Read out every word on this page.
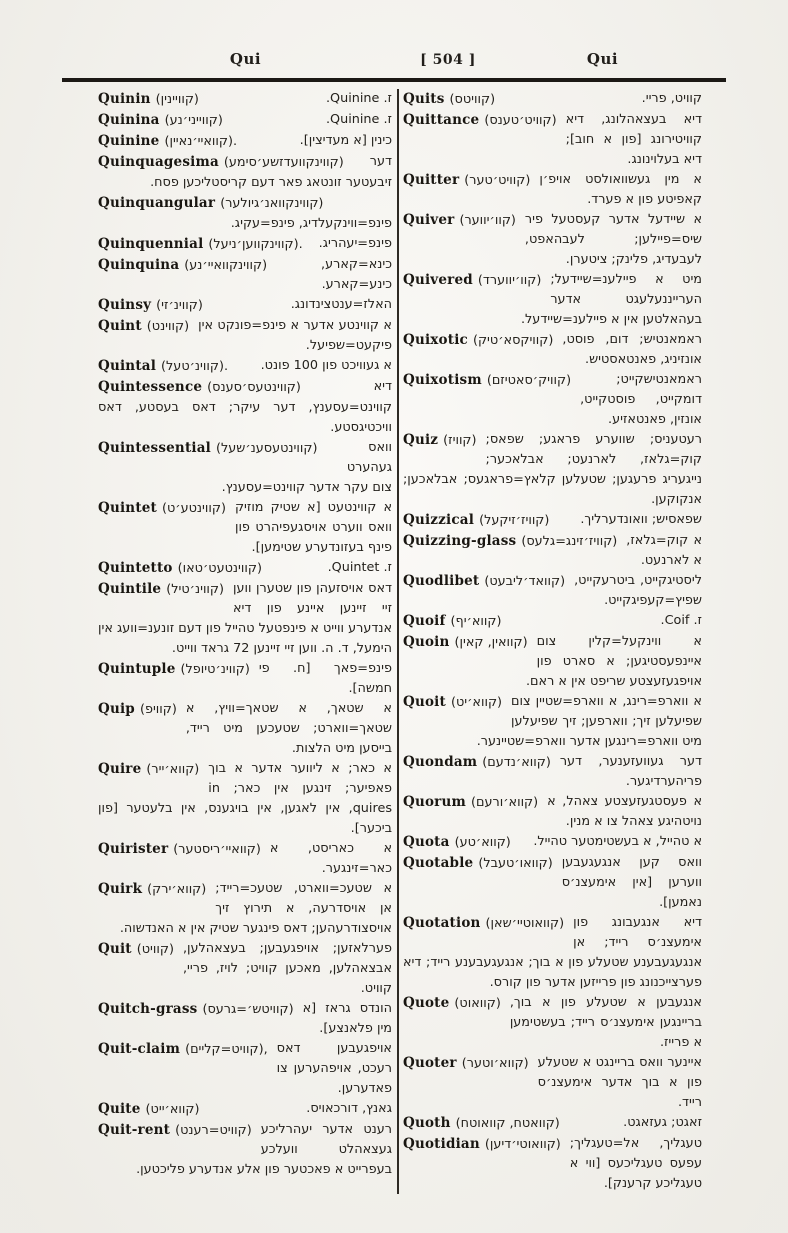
Qui	[ 504 ]	Qui
Quinin (קוויינין)	ז. Quinine.
Quinina (קווייני׳נע)	ז. Quinine.
Quinine (קוואיי׳נאיין).	כינין [א מעדיצין].
Quinquagesima (קווינקוועדזשע׳סימע) דער זיבעטער זונטאג פאר דעם קריסטליכען פסח.
Quinquangular (קווינקוואנ׳גיולער)
פינפ=ווינקעלדיג, פינפ=עקיג.
Quinquennial (קווינקווען׳ניעל). פינפ=יעהריג.
Quinquina (קווינקוואיי׳נע)	כינא=קארע, כינע=קארע.
Quinsy (קווינ׳זי)	האלז=ענטצינדונג.
Quint (קווינט) א קווינטע אדער א פינפ=פונקט אין פיקעט=שפיעל.
Quintal (קווינ׳טעל).	א געוויכט פון 100 פונט.
Quintessence (קווינטעס׳סענס)	דיא קווינט=עסענץ, דער עיקר; דאס בעסטע, דאס וויכטיגסטע.
Quintessential (קווינטעסענ׳שעל)	וואס געהערט צום עקר אדער קווינט=עסענץ.
Quintet (קווינטע׳ט) א קווינטעט [א שטיק מוזיק וואס ווערט אויסגעפיהרט פון פינף בעזונדערע שטימען].
Quintetto (קווינטעט׳טאו)	ז. Quintet.
Quintile (קווינ׳טיל) דאס אויסזעהן פון שטערן ווען זיי זיינען איינע פון דיא אנדערע ווייט א פינפטעל טהייל פון דעם זונענ=וועג אין הימעל, ד. ה. ווען זיי זיינען 72 גראד ווייט.
Quintuple (קווינ׳טיופל) פינפ=פאך [ח. פי חמשה].
Quip (קוויפ) א שטאך, א שטאך=וויץ, א שטאך=ווארט; שטעכען מיט רייד, בייסען מיט הלצות.
Quire (קווא׳ייר) א כאר; א ליווער אדער א בוך פאפיער; זינגען אין כאר; in quires, אין לאגען, אין בויגענס, אין בלעטער [פון ביכער].
Quirister (קוואיי׳ריסטער) א כאריסט, א כאר=זינגער.
Quirk (קווא׳ירק) א שטעכ=ווארט, שטעכ=רייד; אן אויסדרעה, א תירוץ זיך אויסצודרעהען; דאס פינגער שטיק אין א האנדשוה.
Quit (קוויט) פערלאזען; אויפגעבען; בעצאהלען, אבצאהלען, מאכען קוויט; לויז, פריי, קוויט.
Quitch-grass (קוויטש׳=גרעס) הונדס גראז [א מין פלאנצע].
Quit-claim (קוויט=קליים), אויפגעבען דאס רעכט, אויפהערען צו פאדערען.
Quite (קווא׳ייט)	גאנץ, דורכאויס.
Quit-rent (קוויט=רענט) רענט אדער יעהרליכע געצאהלט וועלכע בעפרייט א פאכטער פון אלע אנדערע פליכטען.
Quits (קוויטס)	קוויט, פריי.
Quittance (קוויט׳טענס) דיא בעצאהלונג, דיא קוויטירונג [פון א חוב]; דיא בעלוינונג.
Quitter (קוויט׳טער) א מין געשוואולסט אויפ׳ן קאפיטע פון א פערד.
Quiver (קוו׳יווער) א שיידעל אדער קעסטעל פיר שיס=פיילען; לעבהאפט, לעבעדיג, פלינק; ציטערן.
Quivered (קוו׳יווערד) מיט א פיילענ=שיידעל; הערייננעלעגט אדער בעהאלטען אין א פיילענ=שיידעל.
Quixotic (קוויקסא׳טיק) ראמאנטיש; דום, פוסט, אונזיניג, פאנטאסטיש.
Quixotism (קוויק׳סאטיזם)	ראמאנטישקייט; דומקייט, פוסטקייט, אונזין, פאנטאזיע.
Quiz (קוויז) רעטעניס; שווערע פראגע; שפאס; קוק=גלאז, לארנעט; אבלאכער; נייגעריג פרעגען; שטעלען קלאץ=פראגעס; אבלאכען; אנקוקען.
Quizzical (קוויז׳זיקעל) שפאסיש; וואונדערליך.
Quizzing-glass (קוויז׳זינג=גלעס) א קוק=גלאז, א לארנעט.
Quodlibet (קוואד׳ליבעט) ליסטיגקייט, ביטרעקייט, שפיץ=קעפיגקייט.
Quoif (קווא׳יף)	ז. Coif.
Quoin (קוואין, קאין) א ווינקעל=קלין צום איינפעסטיגען; א סארט פון אויפגעזעצטע שריפט אין א ראם.
Quoit (קווא׳יט) א ווארפ=רינג, א ווארפ=שטיין צום שפיעלען זיך; ווארפען; זיך שפיעלען מיט ווארפ=רינגען אדער ווארפ=שטיינער.
Quondam (קווא׳נדעם) דער געוועזענער, דער פריהערדיגער.
Quorum (קווא׳ורעם) א פעסטגעזעצטע צאהל, א נויטהיגע צאהל צו א מנין.
Quota (קווא׳טע) א טהייל, א בעשטימטער טהייל.
Quotable (קוואו׳טעבל) וואס קען אנגעגעבען ווערען [אין אימעצנ׳ס נאמען].
Quotation (קוואוטיי׳שאן) דיא אנגעבונג פון אימעצנ׳ס רייד; אן אנגעגעבענע שטעלע פון א בוך; אנגעגעבענע רייד; דיא פערצייכנונג פון פרייזען אדער פון קורס.
Quote (קוואוט) אנגעבען א שטעלע פון א בוך, בריינגען אימעצנ׳ס רייד; בעשטימען א פרייז.
Quoter (קווא׳וטער) איינער וואס בריינגט א שטעלע פון א בוך אדער אימעצנ׳ס רייד.
Quoth (קוואטח, קוואוטח)	זאגט; געזאגט.
Quotidian (קוואוטי׳דיען) טעגליך, אל=טעגליך; עפעס טעגליכעס [ווי א טעגליכע קרענק].
